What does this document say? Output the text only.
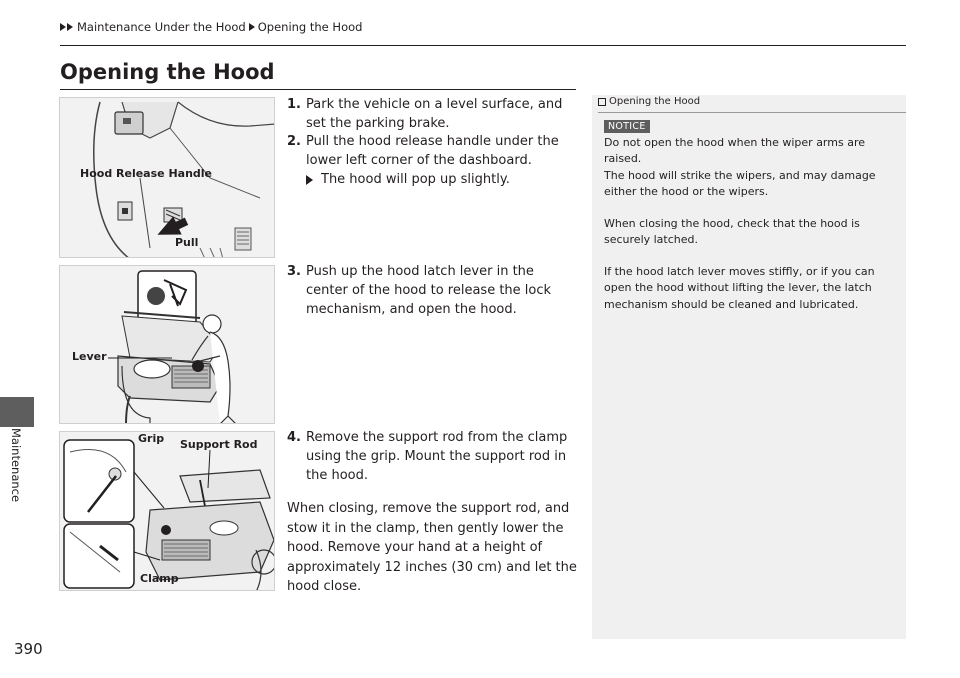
Maintenance Under the Hood Opening the Hood
Maintenance
390
Opening the Hood
Hood Release Handle
Pull
Lever
Grip Support Rod
Clamp
1. Park the vehicle on a level surface, and set the parking brake.
2. Pull the hood release handle under the lower left corner of the dashboard.
The hood will pop up slightly.
3. Push up the hood latch lever in the center of the hood to release the lock mechanism, and open the hood.
4. Remove the support rod from the clamp using the grip. Mount the support rod in the hood.
When closing, remove the support rod, and stow it in the clamp, then gently lower the hood. Remove your hand at a height of approximately 12 inches (30 cm) and let the hood close.
Opening the Hood
NOTICE
Do not open the hood when the wiper arms are raised.
The hood will strike the wipers, and may damage either the hood or the wipers.
When closing the hood, check that the hood is securely latched.
If the hood latch lever moves stiffly, or if you can open the hood without lifting the lever, the latch mechanism should be cleaned and lubricated.
